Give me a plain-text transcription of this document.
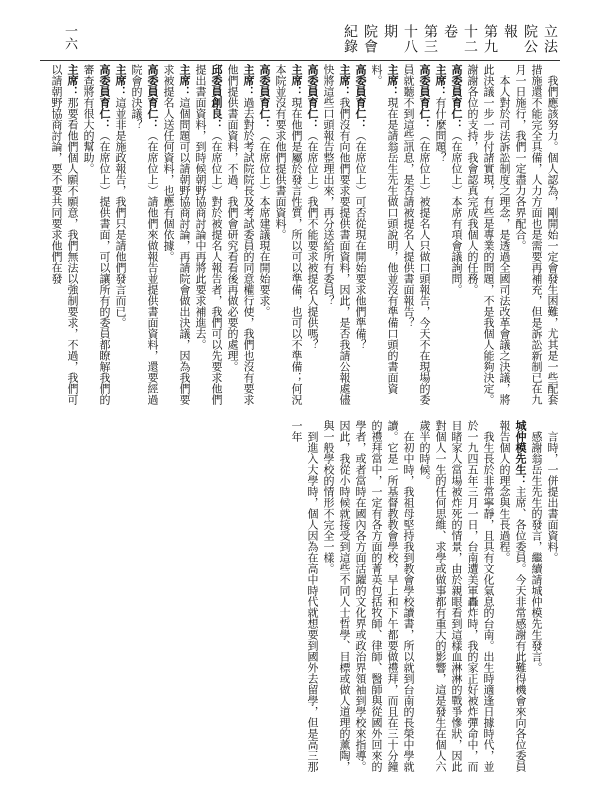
立法院公報　第九十二卷　第三十八期　院會紀錄
一六

我們應該努力。個人認為，剛開始一定會發生困難，尤其是一些配套措施還不能完全具備，人力方面也是需要再補充，但是訴訟新制已在九月一日施行，我們一定盡力各界配合。

本人對於司法訴訟制度之理念，是透過全國司法改革會議之決議，將此決議一步一步付諸實現，有些是專業的問題，不是我個人能夠決定。謝謝各位的支持，我會認真完成我個人的任務。

高委員育仁：（在席位上）本席有項會議詢問。

主席：有什麼問題？

高委員育仁：（在席位上）被提名人只做口頭報告，今天不在現場的委員就聽不到這些訊息，是否請被提名人提供書面報告？

主席：現在是請翁岳生先生做口頭說明，他並沒有準備口頭的書面資料。

高委員育仁：（在席位上）可否從現在開始要求他們準備？

主席：我們沒有向他們要求要提供書面資料，因此，是否我請公報處儘快將這些口頭報告整理出來，再分送給所有委員？

高委員育仁：（在席位上）我們不能要求被提名人提供嗎？

主席：現在他們是屬於發言性質，所以可以準備，也可以不準備；何況本院並沒有要求他們提供書面資料。

高委員育仁：（在席位上）本席建議現在開始要求。

主席：過去對於考試院院長及考試委員的同意權行使，我們也沒有要求他們提供書面資料，不過，我們會研究看看後再做必要的處理。

邱委員創良：（在席位上）對於被提名人報告者，我們可以先要求他們提出書面資料，到時候朝野協商討論中再將此要求補進去。

主席：這個問題可以請朝野協商討論，再請院會做出決議，因為我們要求被提名人送任何資料，也應有個依據。

高委員育仁：（在席位上）請他們來做報告並提供書面資料，還要經過院會的決議？

主席：這並非是施政報告，我們只是請他們發言而已。

高委員育仁：（在席位上）提供書面，可以讓所有的委員都瞭解我們的審查將有很大的幫助。

主席：那要看他們個人願不願意，我們無法以強制要求，不過，我們可以請朝野協商討論，要不要共同要求他們在發

言時，一併提出書面資料。

感謝翁岳生先生的發言，繼續請城仲模先生發言。

城仲模先生：主席、各位委員。今天非常感謝有此難得機會來向各位委員報告個人的理念與生長過程。

我生長於非常寧靜，且具有文化氣息的台南。出生時適逢日據時代，並於一九四五年三月一日，台南遭美軍轟炸時，我的家正好被炸彈命中，而目睹家人當場被炸死的情景，由於親眼看到這樣血淋淋的戰爭慘狀，因此對個人一生的任何思維、求學或做事都有重大的影響，這是發生在個人六歲半的時候。

在初中時，我祖母堅持我到教會學校讀書，所以就到台南的長榮中學就讀。它是一所基督教教會學校，早上和下午都要做禮拜，而且在三十分鐘的禮拜當中，一定有各方面的菁英包括牧師、律師、醫師與從國外回來的學者，或者當時在國內各方面活躍的文化界或政治界領袖到學校來指導。因此，我從小時候就接受到這些不同人士哲學、目標或做人道理的薰陶，與一般學校的情形不完全一樣。

到進入大學時，個人因為在高中時代就想要到國外去留學，但是高三那一年
